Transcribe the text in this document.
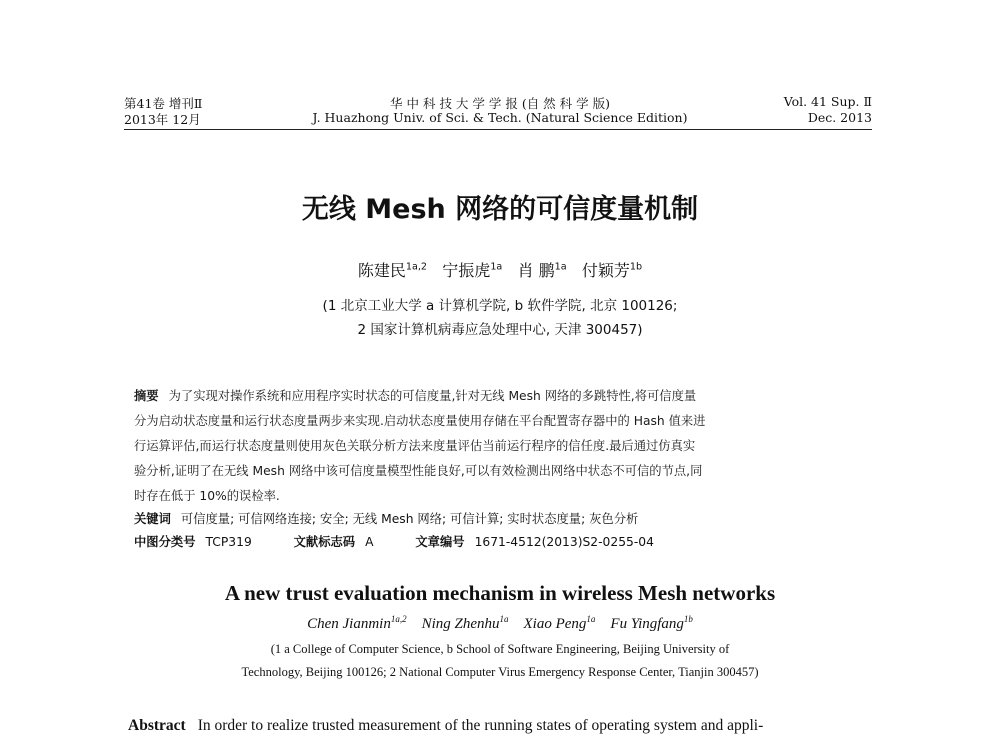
第41卷 增刊Ⅱ
2013年 12月
华 中 科 技 大 学 学 报 (自 然 科 学 版)
J. Huazhong Univ. of Sci. & Tech. (Natural Science Edition)
Vol. 41 Sup. Ⅱ
Dec. 2013
无线 Mesh 网络的可信度量机制
陈建民$^{1a,2}$ 宁振虎$^{1a}$ 肖 鹏$^{1a}$ 付颖芳$^{1b}$
(1 北京工业大学 a 计算机学院, b 软件学院, 北京 100126;
2 国家计算机病毒应急处理中心, 天津 300457)
摘要 为了实现对操作系统和应用程序实时状态的可信度量,针对无线 Mesh 网络的多跳特性,将可信度量
分为启动状态度量和运行状态度量两步来实现.启动状态度量使用存储在平台配置寄存器中的 Hash 值来进
行运算评估,而运行状态度量则使用灰色关联分析方法来度量评估当前运行程序的信任度.最后通过仿真实
验分析,证明了在无线 Mesh 网络中该可信度量模型性能良好,可以有效检测出网络中状态不可信的节点,同
时存在低于 10%的误检率.
关键词 可信度量; 可信网络连接; 安全; 无线 Mesh 网络; 可信计算; 实时状态度量; 灰色分析
中图分类号 TCP319	文献标志码 A	文章编号 1671-4512(2013)S2-0255-04
A new trust evaluation mechanism in wireless Mesh networks
Chen Jianmin$^{1a,2}$ Ning Zhenhu$^{1a}$ Xiao Peng$^{1a}$ Fu Yingfang$^{1b}$
(1 a College of Computer Science, b School of Software Engineering, Beijing University of
Technology, Beijing 100126; 2 National Computer Virus Emergency Response Center, Tianjin 300457)
Abstract In order to realize trusted measurement of the running states of operating system and appli-
